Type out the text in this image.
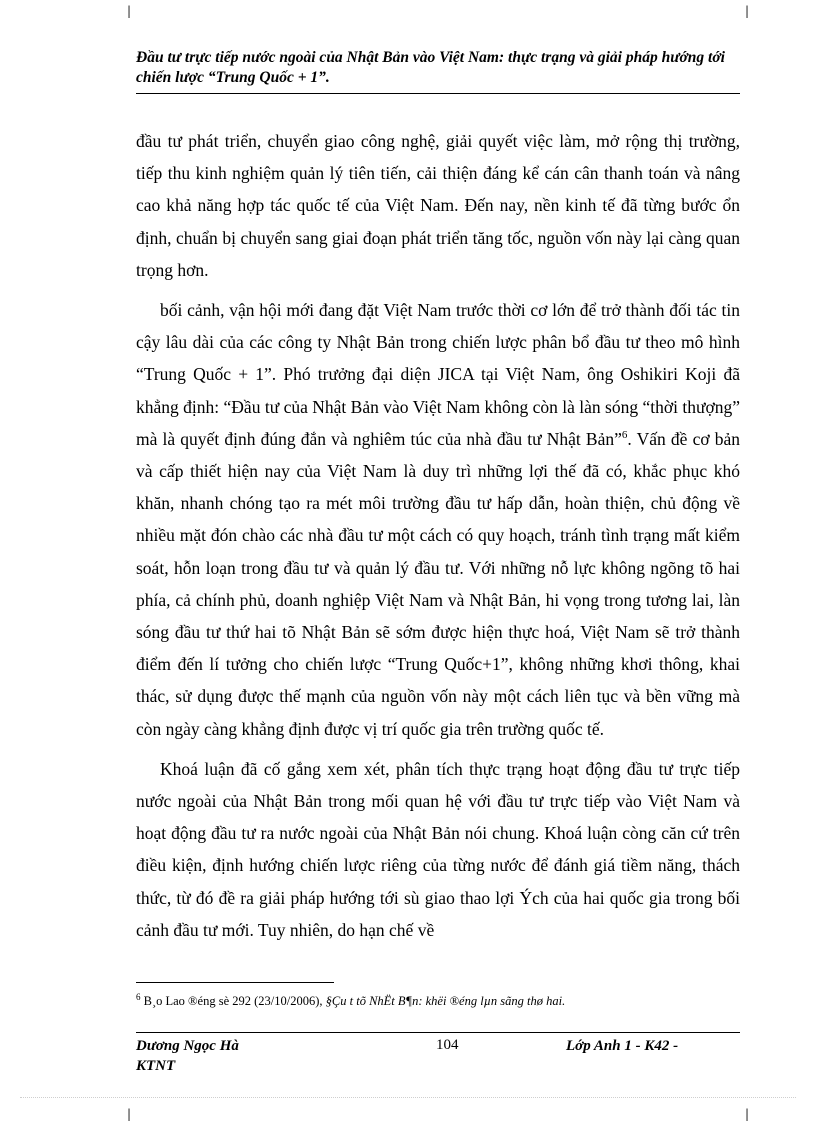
|	|
|	|
Đầu tư trực tiếp nước ngoài của Nhật Bản vào Việt Nam: thực trạng và giải pháp hướng tới chiến lược “Trung Quốc + 1”.

đầu tư phát triển, chuyển giao công nghệ, giải quyết việc làm, mở rộng thị trường, tiếp thu kinh nghiệm quản lý tiên tiến, cải thiện đáng kể cán cân thanh toán và nâng cao khả năng hợp tác quốc tế của Việt Nam. Đến nay, nền kinh tế đã từng bước ổn định, chuẩn bị chuyển sang giai đoạn phát triển tăng tốc, nguồn vốn này lại càng quan trọng hơn.

bối cảnh, vận hội mới đang đặt Việt Nam trước thời cơ lớn để trở thành đối tác tin cậy lâu dài của các công ty Nhật Bản trong chiến lược phân bổ đầu tư theo mô hình “Trung Quốc + 1”. Phó trưởng đại diện JICA tại Việt Nam, ông Oshikiri Koji đã khẳng định: “Đầu tư của Nhật Bản vào Việt Nam không còn là làn sóng “thời thượng” mà là quyết định đúng đắn và nghiêm túc của nhà đầu tư Nhật Bản”$^6$. Vấn đề cơ bản và cấp thiết hiện nay của Việt Nam là duy trì những lợi thế đã có, khắc phục khó khăn, nhanh chóng tạo ra mét môi trường đầu tư hấp dẫn, hoàn thiện, chủ động về nhiều mặt đón chào các nhà đầu tư một cách có quy hoạch, tránh tình trạng mất kiểm soát, hỗn loạn trong đầu tư và quản lý đầu tư. Với những nỗ lực không ngõng tõ hai phía, cả chính phủ, doanh nghiệp Việt Nam và Nhật Bản, hi vọng trong tương lai, làn sóng đầu tư thứ hai tõ Nhật Bản sẽ sớm được hiện thực hoá, Việt Nam sẽ trở thành điểm đến lí tưởng cho chiến lược “Trung Quốc+1”, không những khơi thông, khai thác, sử dụng được thế mạnh của nguồn vốn này một cách liên tục và bền vững mà còn ngày càng khẳng định được vị trí quốc gia trên trường quốc tế.

Khoá luận đã cố gắng xem xét, phân tích thực trạng hoạt động đầu tư trực tiếp nước ngoài của Nhật Bản trong mối quan hệ với đầu tư trực tiếp vào Việt Nam và hoạt động đầu tư ra nước ngoài của Nhật Bản nói chung. Khoá luận còng căn cứ trên điều kiện, định hướng chiến lược riêng của từng nước để đánh giá tiềm năng, thách thức, từ đó đề ra giải pháp hướng tới sù giao thao lợi Ých của hai quốc gia trong bối cảnh đầu tư mới. Tuy nhiên, do hạn chế về

$^6$ B¸o Lao ®éng sè 292 (23/10/2006), §Çu t tõ NhËt B¶n: khëi ®éng lµn sãng thø hai.
Dương Ngọc Hà
KTNT
104	Lớp Anh 1 - K42 -
